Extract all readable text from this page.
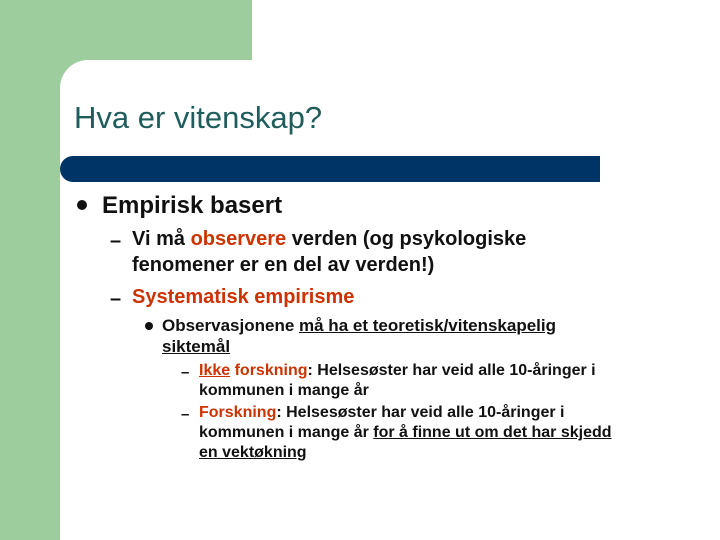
Hva er vitenskap?

Empirisk basert

– Vi må observere verden (og psykologiske

fenomener er en del av verden!)

– Systematisk empirisme

Observasjonene må ha et teoretisk/vitenskapelig

siktemål

– Ikke forskning: Helsesøster har veid alle 10-åringer i

kommunen i mange år

– Forskning: Helsesøster har veid alle 10-åringer i

kommunen i mange år for å finne ut om det har skjedd

en vektøkning
